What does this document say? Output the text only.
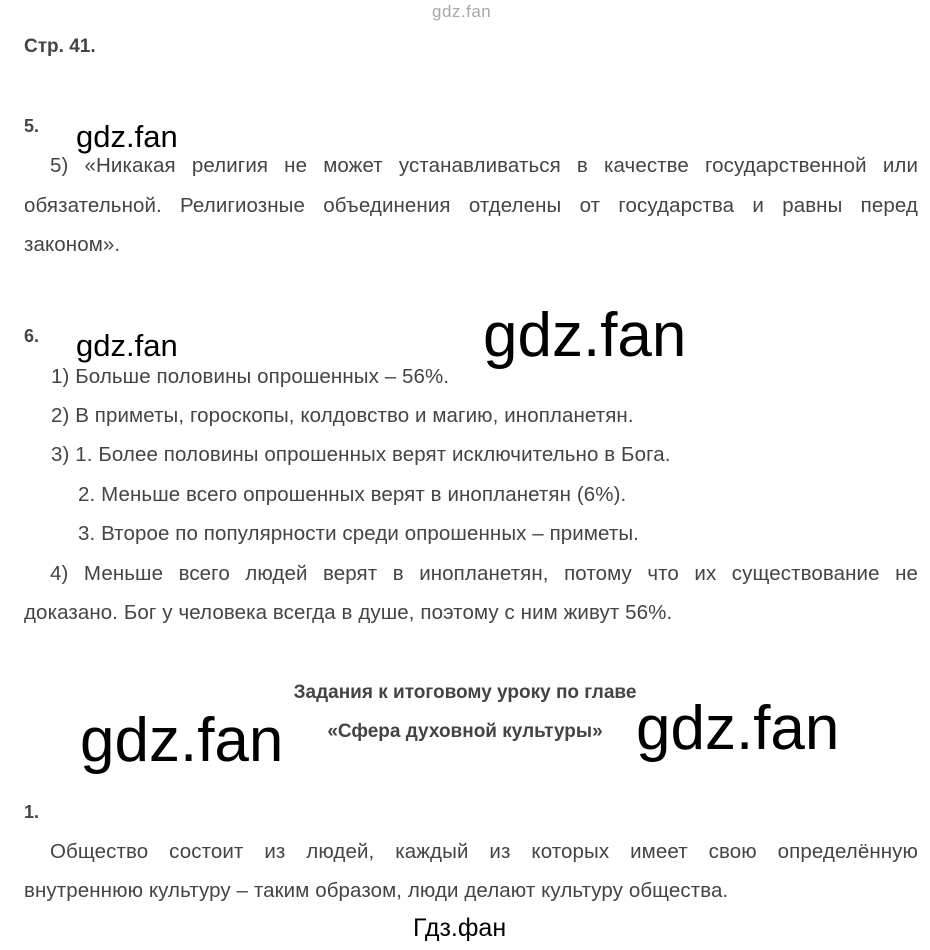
gdz.fan
gdz.fan
gdz.fan	gdz.fan
gdz.fan	gdz.fan
Гдз.фан
Стр. 41.
5.
5) «Никакая религия не может устанавливаться в качестве государственной или
обязательной. Религиозные объединения отделены от государства и равны перед
законом».
6.
1) Больше половины опрошенных – 56%.
2) В приметы, гороскопы, колдовство и магию, инопланетян.
3) 1. Более половины опрошенных верят исключительно в Бога.
2. Меньше всего опрошенных верят в инопланетян (6%).
3. Второе по популярности среди опрошенных – приметы.
4) Меньше всего людей верят в инопланетян, потому что их существование не
доказано. Бог у человека всегда в душе, поэтому с ним живут 56%.
Задания к итоговому уроку по главе
«Сфера духовной культуры»
1.
Общество состоит из людей, каждый из которых имеет свою определённую
внутреннюю культуру – таким образом, люди делают культуру общества.
